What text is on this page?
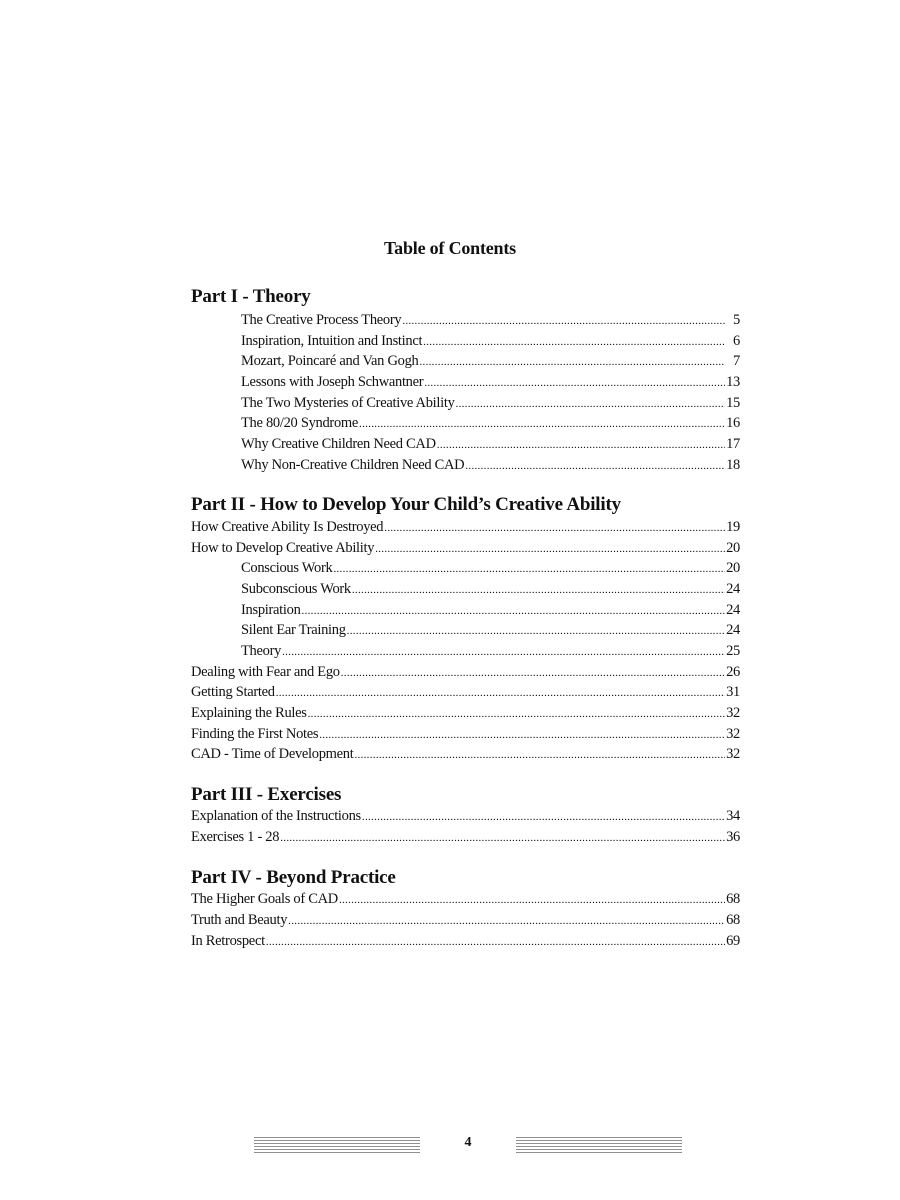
Table of Contents
Part I - Theory
The Creative Process Theory .....	5
Inspiration, Intuition and Instinct .....	6
Mozart, Poincaré and Van Gogh .....	7
Lessons with Joseph Schwantner .....	13
The Two Mysteries of Creative Ability .....	15
The 80/20 Syndrome .....	16
Why Creative Children Need CAD .....	17
Why Non-Creative Children Need CAD .....	18
Part II - How to Develop Your Child’s Creative Ability
How Creative Ability Is Destroyed .....	19
How to Develop Creative Ability .....	20
Conscious Work .....	20
Subconscious Work .....	24
Inspiration .....	24
Silent Ear Training .....	24
Theory .....	25
Dealing with Fear and Ego .....	26
Getting Started .....	31
Explaining the Rules .....	32
Finding the First Notes .....	32
CAD - Time of Development .....	32
Part III - Exercises
Explanation of the Instructions .....	34
Exercises 1 - 28 .....	36
Part IV - Beyond Practice
The Higher Goals of CAD .....	68
Truth and Beauty .....	68
In Retrospect .....	69
4
